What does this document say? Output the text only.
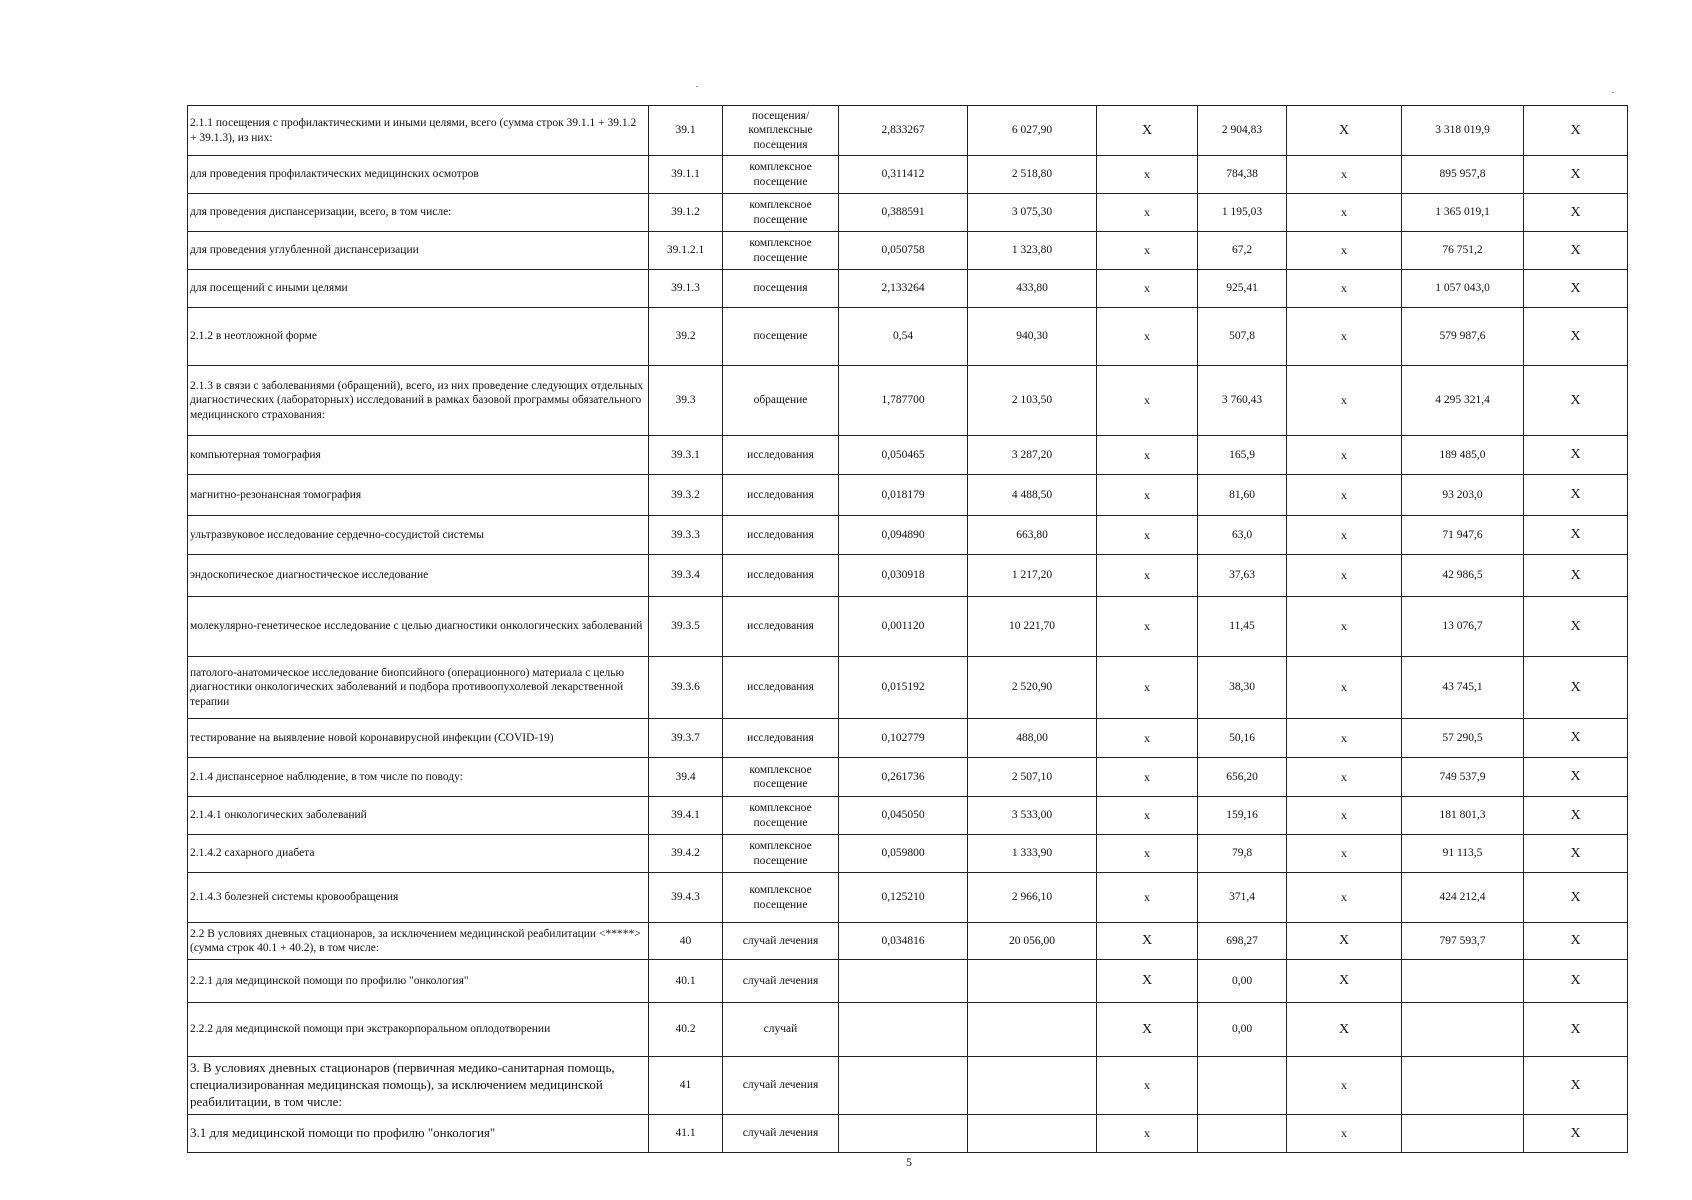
2.1.1 посещения с профилактическими и иными целями, всего (сумма строк 39.1.1 + 39.1.2 + 39.1.3), из них:	39.1	посещения/комплексные посещения	2,833267	6 027,90	X	2 904,83	X	3 318 019,9	X
для проведения профилактических медицинских осмотров	39.1.1	комплексное посещение	0,311412	2 518,80	x	784,38	x	895 957,8	X
для проведения диспансеризации, всего, в том числе:	39.1.2	комплексное посещение	0,388591	3 075,30	x	1 195,03	x	1 365 019,1	X
для проведения углубленной диспансеризации	39.1.2.1	комплексное посещение	0,050758	1 323,80	x	67,2	x	76 751,2	X
для посещений с иными целями	39.1.3	посещения	2,133264	433,80	x	925,41	x	1 057 043,0	X
2.1.2 в неотложной форме	39.2	посещение	0,54	940,30	x	507,8	x	579 987,6	X
2.1.3 в связи с заболеваниями (обращений), всего, из них проведение следующих отдельных диагностических (лабораторных) исследований в рамках базовой программы обязательного медицинского страхования:	39.3	обращение	1,787700	2 103,50	x	3 760,43	x	4 295 321,4	X
компьютерная томография	39.3.1	исследования	0,050465	3 287,20	x	165,9	x	189 485,0	X
магнитно-резонансная томография	39.3.2	исследования	0,018179	4 488,50	x	81,60	x	93 203,0	X
ультразвуковое исследование сердечно-сосудистой системы	39.3.3	исследования	0,094890	663,80	x	63,0	x	71 947,6	X
эндоскопическое диагностическое исследование	39.3.4	исследования	0,030918	1 217,20	x	37,63	x	42 986,5	X
молекулярно-генетическое исследование с целью диагностики онкологических заболеваний	39.3.5	исследования	0,001120	10 221,70	x	11,45	x	13 076,7	X
патолого-анатомическое исследование биопсийного (операционного) материала с целью диагностики онкологических заболеваний и подбора противоопухолевой лекарственной терапии	39.3.6	исследования	0,015192	2 520,90	x	38,30	x	43 745,1	X
тестирование на выявление новой коронавирусной инфекции (COVID-19)	39.3.7	исследования	0,102779	488,00	x	50,16	x	57 290,5	X
2.1.4 диспансерное наблюдение, в том числе по поводу:	39.4	комплексное посещение	0,261736	2 507,10	x	656,20	x	749 537,9	X
2.1.4.1 онкологических заболеваний	39.4.1	комплексное посещение	0,045050	3 533,00	x	159,16	x	181 801,3	X
2.1.4.2 сахарного диабета	39.4.2	комплексное посещение	0,059800	1 333,90	x	79,8	x	91 113,5	X
2.1.4.3 болезней системы кровообращения	39.4.3	комплексное посещение	0,125210	2 966,10	x	371,4	x	424 212,4	X
2.2 В условиях дневных стационаров, за исключением медицинской реабилитации <*****> (сумма строк 40.1 + 40.2), в том числе:	40	случай лечения	0,034816	20 056,00	X	698,27	X	797 593,7	X
2.2.1 для медицинской помощи по профилю "онкология"	40.1	случай лечения			X	0,00	X		X
2.2.2 для медицинской помощи при экстракорпоральном оплодотворении	40.2	случай			X	0,00	X		X
3. В условиях дневных стационаров (первичная медико-санитарная помощь, специализированная медицинская помощь), за исключением медицинской реабилитации, в том числе:	41	случай лечения			x		x		X
3.1 для медицинской помощи по профилю "онкология"	41.1	случай лечения			x		x		X
5
